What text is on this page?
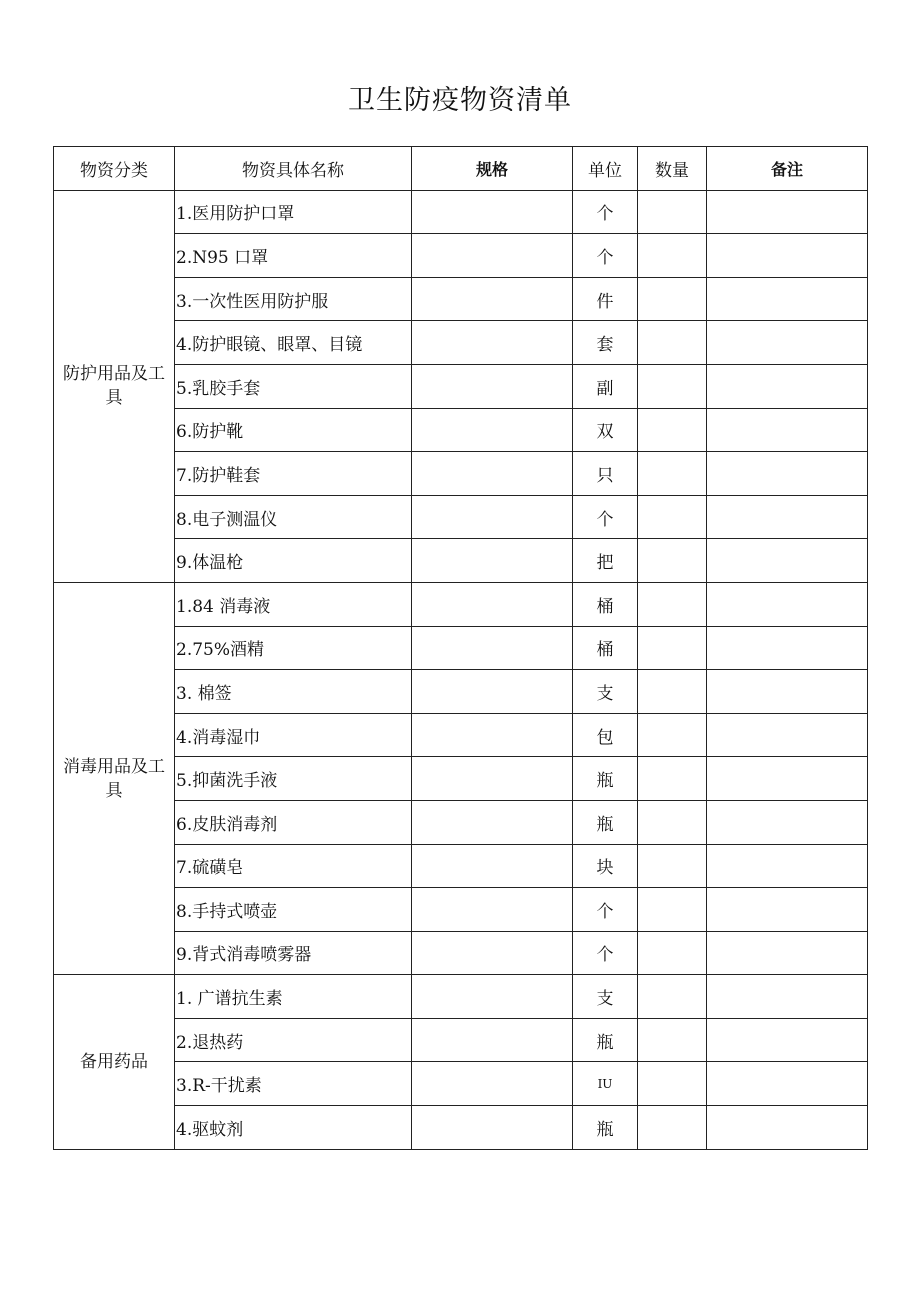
卫生防疫物资清单
物资分类	物资具体名称	规格	单位	数量	备注
防护用品及工具	1.医用防护口罩		个		
	2.N95 口罩		个		
	3.一次性医用防护服		件		
	4.防护眼镜、眼罩、目镜		套		
	5.乳胶手套		副		
	6.防护靴		双		
	7.防护鞋套		只		
	8.电子测温仪		个		
	9.体温枪		把		
消毒用品及工具	1.84 消毒液		桶		
	2.75%酒精		桶		
	3. 棉签		支		
	4.消毒湿巾		包		
	5.抑菌洗手液		瓶		
	6.皮肤消毒剂		瓶		
	7.硫磺皂		块		
	8.手持式喷壶		个		
	9.背式消毒喷雾器		个		
备用药品	1. 广谱抗生素		支		
	2.退热药		瓶		
	3.R-干扰素		IU		
	4.驱蚊剂		瓶		
